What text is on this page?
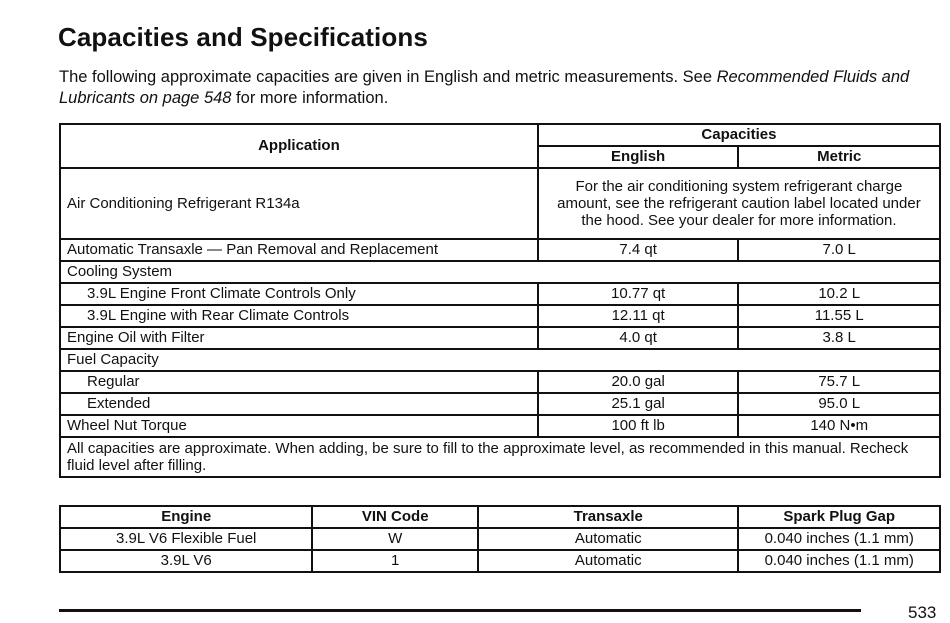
Capacities and Specifications
The following approximate capacities are given in English and metric measurements. See Recommended Fluids and Lubricants on page 548 for more information.
Application	Capacities	
	English	Metric
Air Conditioning Refrigerant R134a	For the air conditioning system refrigerant charge amount, see the refrigerant caution label located under the hood. See your dealer for more information.	
Automatic Transaxle — Pan Removal and Replacement	7.4 qt	7.0 L
Cooling System		
3.9L Engine Front Climate Controls Only	10.77 qt	10.2 L
3.9L Engine with Rear Climate Controls	12.11 qt	11.55 L
Engine Oil with Filter	4.0 qt	3.8 L
Fuel Capacity		
Regular	20.0 gal	75.7 L
Extended	25.1 gal	95.0 L
Wheel Nut Torque	100 ft lb	140 N•m
All capacities are approximate. When adding, be sure to fill to the approximate level, as recommended in this manual. Recheck fluid level after filling.		
Engine	VIN Code	Transaxle	Spark Plug Gap
3.9L V6 Flexible Fuel	W	Automatic	0.040 inches (1.1 mm)
3.9L V6	1	Automatic	0.040 inches (1.1 mm)
533
